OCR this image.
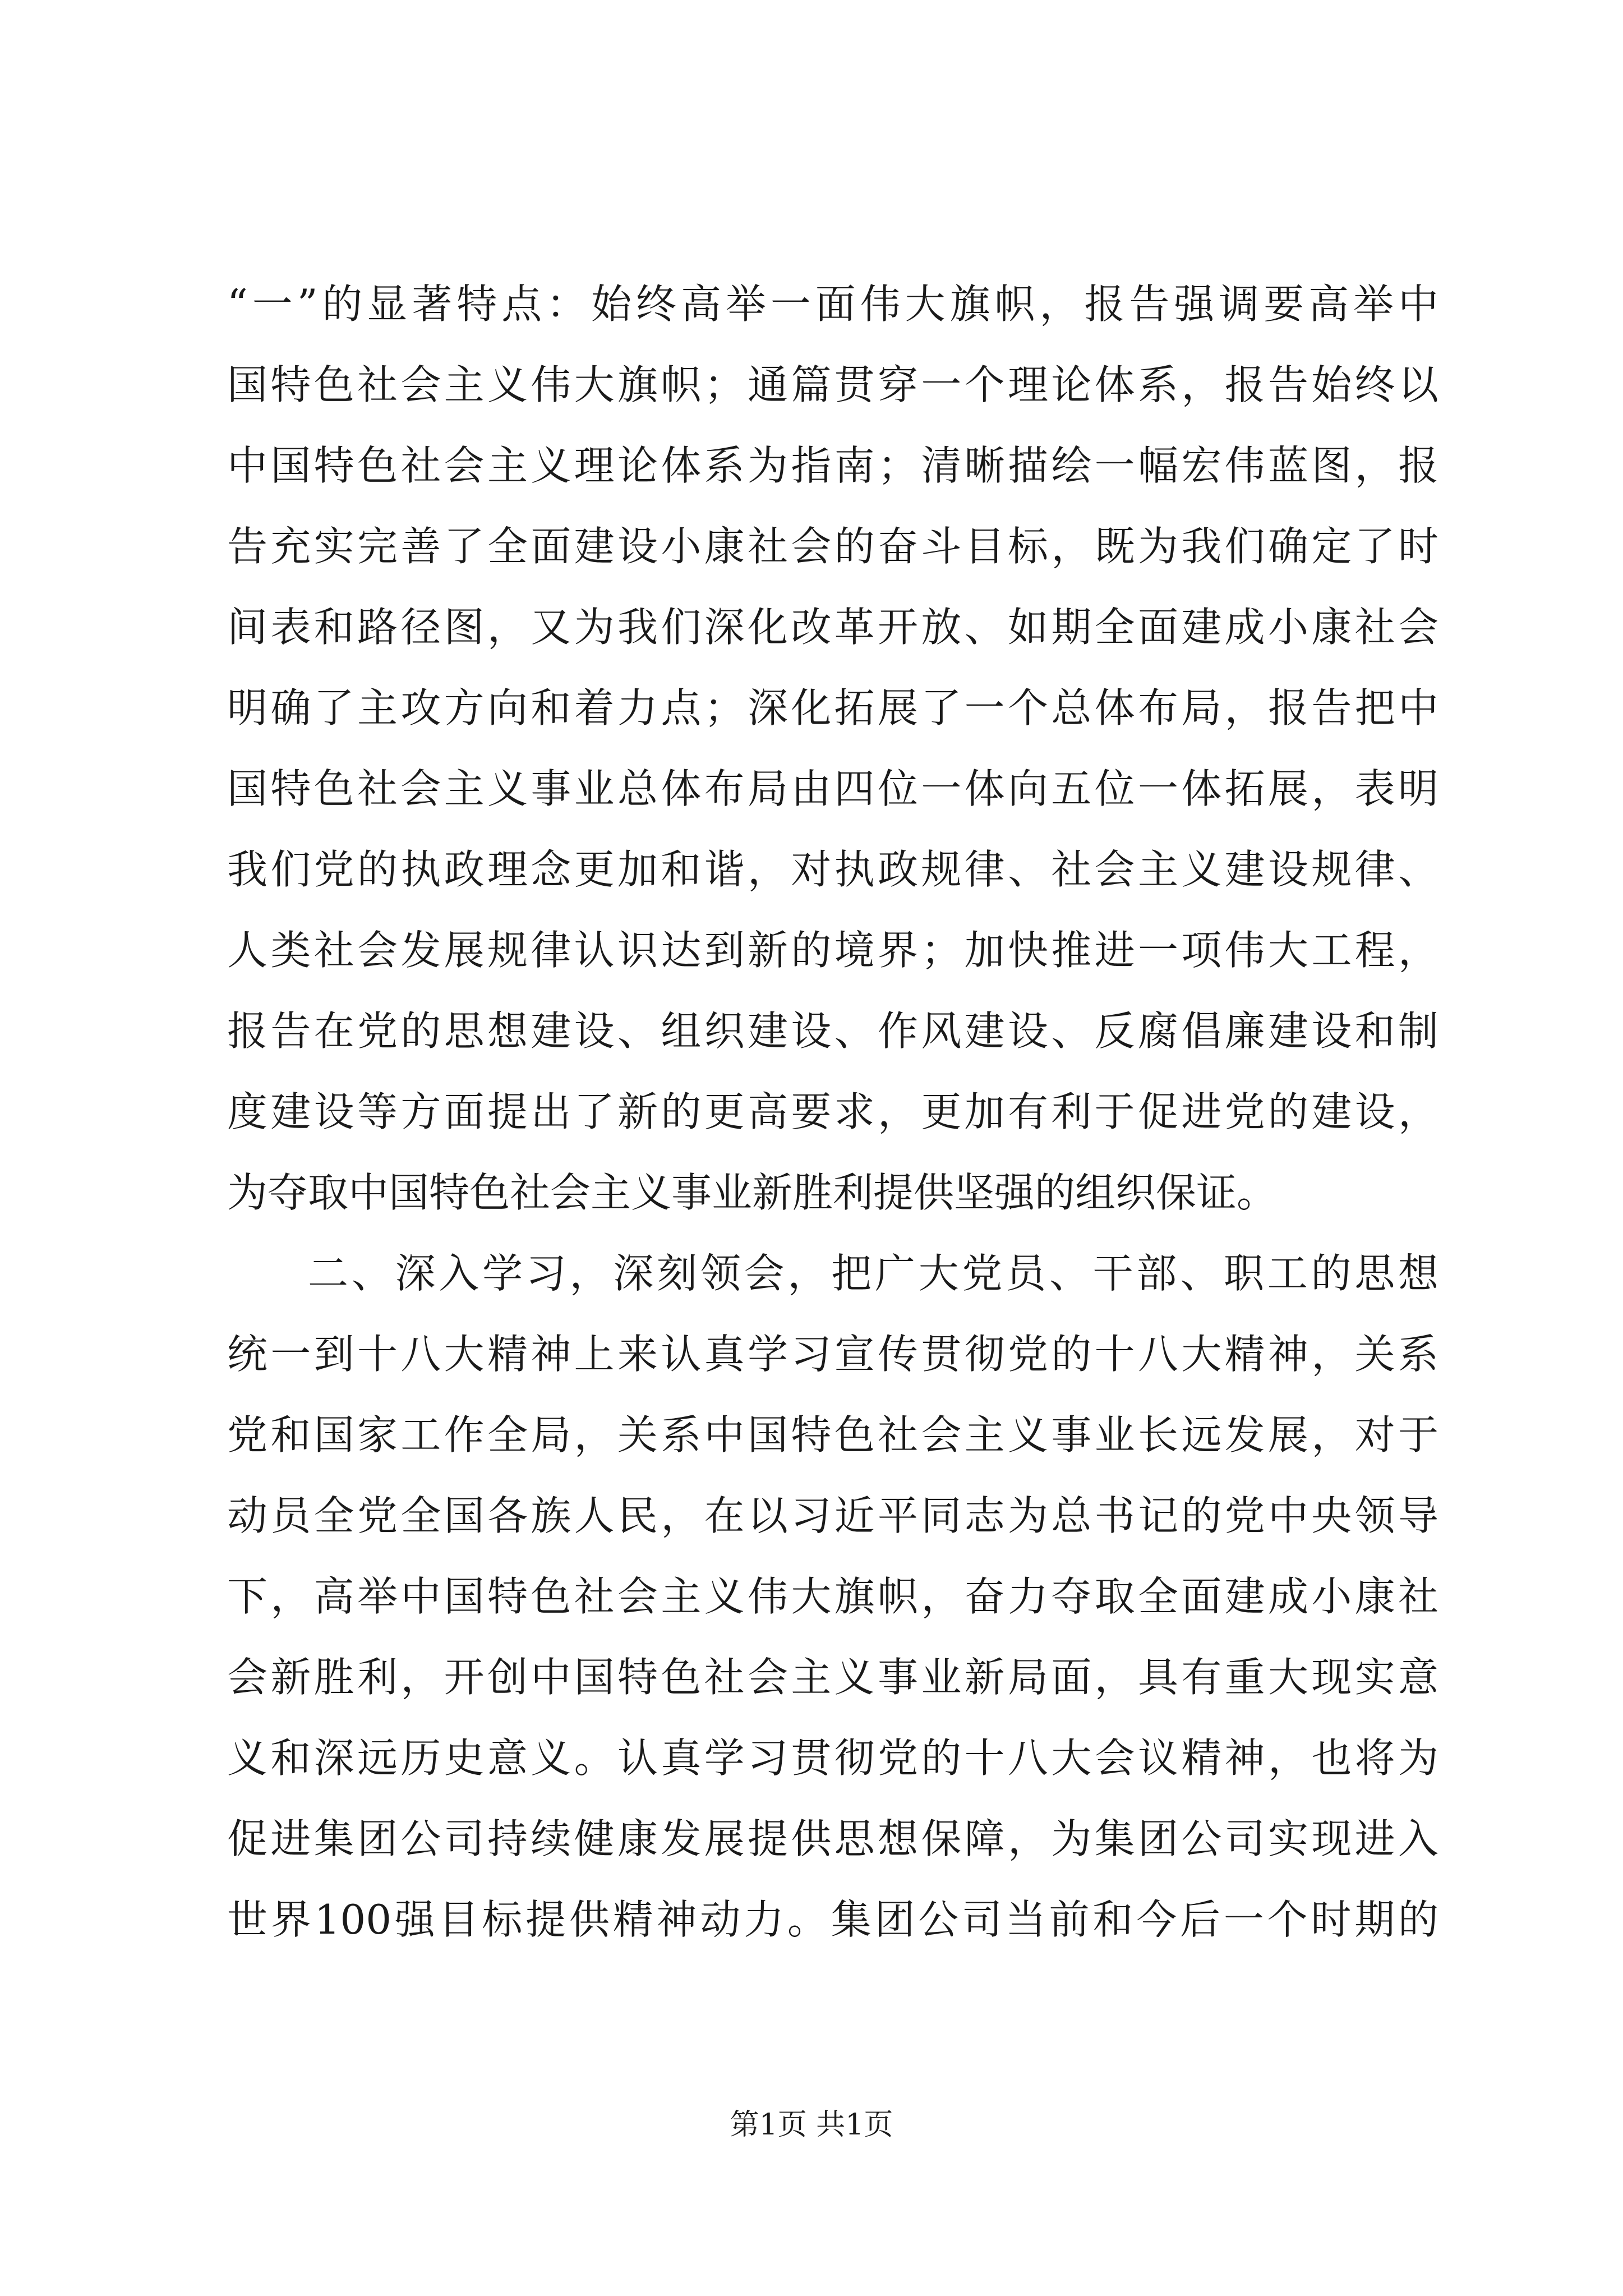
“一”的显著特点：始终高举一面伟大旗帜，报告强调要高举中
国特色社会主义伟大旗帜；通篇贯穿一个理论体系，报告始终以
中国特色社会主义理论体系为指南；清晰描绘一幅宏伟蓝图，报
告充实完善了全面建设小康社会的奋斗目标，既为我们确定了时
间表和路径图，又为我们深化改革开放、如期全面建成小康社会
明确了主攻方向和着力点；深化拓展了一个总体布局，报告把中
国特色社会主义事业总体布局由四位一体向五位一体拓展，表明
我们党的执政理念更加和谐，对执政规律、社会主义建设规律、
人类社会发展规律认识达到新的境界；加快推进一项伟大工程，
报告在党的思想建设、组织建设、作风建设、反腐倡廉建设和制
度建设等方面提出了新的更高要求，更加有利于促进党的建设，
为夺取中国特色社会主义事业新胜利提供坚强的组织保证。
二、深入学习，深刻领会，把广大党员、干部、职工的思想
统一到十八大精神上来认真学习宣传贯彻党的十八大精神，关系
党和国家工作全局，关系中国特色社会主义事业长远发展，对于
动员全党全国各族人民，在以习近平同志为总书记的党中央领导
下，高举中国特色社会主义伟大旗帜，奋力夺取全面建成小康社
会新胜利，开创中国特色社会主义事业新局面，具有重大现实意
义和深远历史意义。认真学习贯彻党的十八大会议精神，也将为
促进集团公司持续健康发展提供思想保障，为集团公司实现进入
世界100强目标提供精神动力。集团公司当前和今后一个时期的
第1页 共1页
